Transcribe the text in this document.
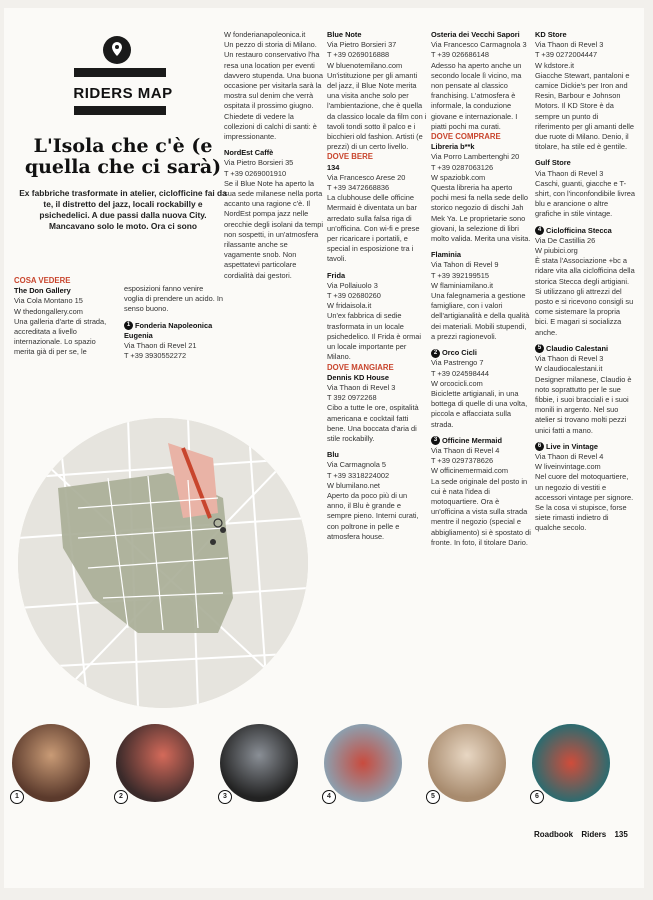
RIDERS MAP
L'Isola che c'è (e quella che ci sarà)
Ex fabbriche trasformate in atelier, ciclofficine fai da te, il distretto del jazz, locali rockabilly e psichedelici. A due passi dalla nuova City. Mancavano solo le moto. Ora ci sono

COSA VEDERE

The Don Gallery

Via Cola Montano 15

W thedongallery.com

Una galleria d'arte di strada, accreditata a livello internazionale. Lo spazio merita già di per se, le

esposizioni fanno venire voglia di prendere un acido. In senso buono.

1 Fonderia Napoleonica Eugenia

Via Thaon di Revel 21

T +39 3930552272

W fonderianapoleonica.it

Un pezzo di storia di Milano. Un restauro conservativo l'ha resa una location per eventi davvero stupenda. Una buona occasione per visitarla sarà la mostra sul denim che verrà ospitata il prossimo giugno. Chiedete di vedere la collezioni di calchi di santi: è impressionante.

NordEst Caffè

Via Pietro Borsieri 35

T +39 0269001910

Se il Blue Note ha aperto la sua sede milanese nella porta accanto una ragione c'è. Il NordEst pompa jazz nelle orecchie degli isolani da tempi non sospetti, in un'atmosfera rilassante anche se vagamente snob. Non aspettatevi particolare cordialità dai gestori.

Blue Note

Via Pietro Borsieri 37

T +39 0269016888

W bluenotemilano.com

Un'istituzione per gli amanti del jazz, il Blue Note merita una visita anche solo per l'ambientazione, che è quella da classico locale da film con i tavoli tondi sotto il palco e i bicchieri old fashion. Artisti (e prezzi) di un certo livello.

DOVE BERE

134

Via Francesco Arese 20

T +39 3472668836

La clubhouse delle officine Mermaid è diventata un bar arredato sulla falsa riga di un'officina. Con wi-fi e prese per ricaricare i portatili, e special in esposizione tra i tavoli.

Frida

Via Pollaiuolo 3

T +39 02680260

W fridaisola.it

Un'ex fabbrica di sedie trasformata in un locale psichedelico. Il Frida è ormai un locale importante per Milano.

DOVE MANGIARE

Dennis KD House

Via Thaon di Revel 3

T 392 0972268

Cibo a tutte le ore, ospitalità americana e cocktail fatti bene. Una boccata d'aria di stile rockabilly.

Blu

Via Carmagnola 5

T +39 3318224002

W blumilano.net

Aperto da poco più di un anno, il Blu è grande e sempre pieno. Interni curati, con poltrone in pelle e atmosfera house.

Osteria dei Vecchi Sapori

Via Francesco Carmagnola 3

T +39 026686148

Adesso ha aperto anche un secondo locale lì vicino, ma non pensate al classico franchising. L'atmosfera è informale, la conduzione giovane e internazionale. I piatti pochi ma curati.

DOVE COMPRARE

Libreria b**k

Via Porro Lambertenghi 20

T +39 0287063126

W spaziobk.com

Questa libreria ha aperto pochi mesi fa nella sede dello storico negozio di dischi Jah Mek Ya. Le proprietarie sono giovani, la selezione di libri molto valida. Merita una visita.

Flaminia

Via Tahon di Revel 9

T +39 392199515

W flaminiamilano.it

Una falegnameria a gestione famigliare, con i valori dell'artigianalità e della qualità dei materiali. Mobili stupendi, a prezzi ragionevoli.

2 Orco Cicli

Via Pastrengo 7

T +39 024598444

W orcocicli.com

Biciclette artigianali, in una bottega di quelle di una volta, piccola e affacciata sulla strada.

3 Officine Mermaid

Via Thaon di Revel 4

T +39 0297378626

W officinemermaid.com

La sede originale del posto in cui è nata l'idea di motoquartiere. Ora è un'officina a vista sulla strada mentre il negozio (special e abbigliamento) si è spostato di fronte. In foto, il titolare Dario.

KD Store

Via Thaon di Revel 3

T +39 0272004447

W kdstore.it

Giacche Stewart, pantaloni e camice Dickie's per Iron and Resin, Barbour e Johnson Motors. Il KD Store è da sempre un punto di riferimento per gli amanti delle due ruote di Milano. Denio, il titolare, ha stile ed è gentile.

Gulf Store

Via Thaon di Revel 3

Caschi, guanti, giacche e T-shirt, con l'inconfondibile livrea blu e arancione o altre grafiche in stile vintage.

4 Ciclofficina Stecca

Via De Castillia 26

W piubici.org

È stata l'Associazione +bc a ridare vita alla ciclofficina della storica Stecca degli artigiani. Si utilizzano gli attrezzi del posto e si ricevono consigli su come sistemare la propria bici. E magari si socializza anche.

5 Claudio Calestani

Via Thaon di Revel 3

W claudiocalestani.it

Designer milanese, Claudio è noto soprattutto per le sue fibbie, i suoi bracciali e i suoi monili in argento. Nel suo atelier si trovano molti pezzi unici fatti a mano.

6 Live in Vintage

Via Thaon di Revel 4

W liveinvintage.com

Nel cuore del motoquartiere, un negozio di vestiti e accessori vintage per signore. Se la cosa vi stupisce, forse siete rimasti indietro di qualche secolo.

1	2	3	4	5	6
Roadbook Riders 135
